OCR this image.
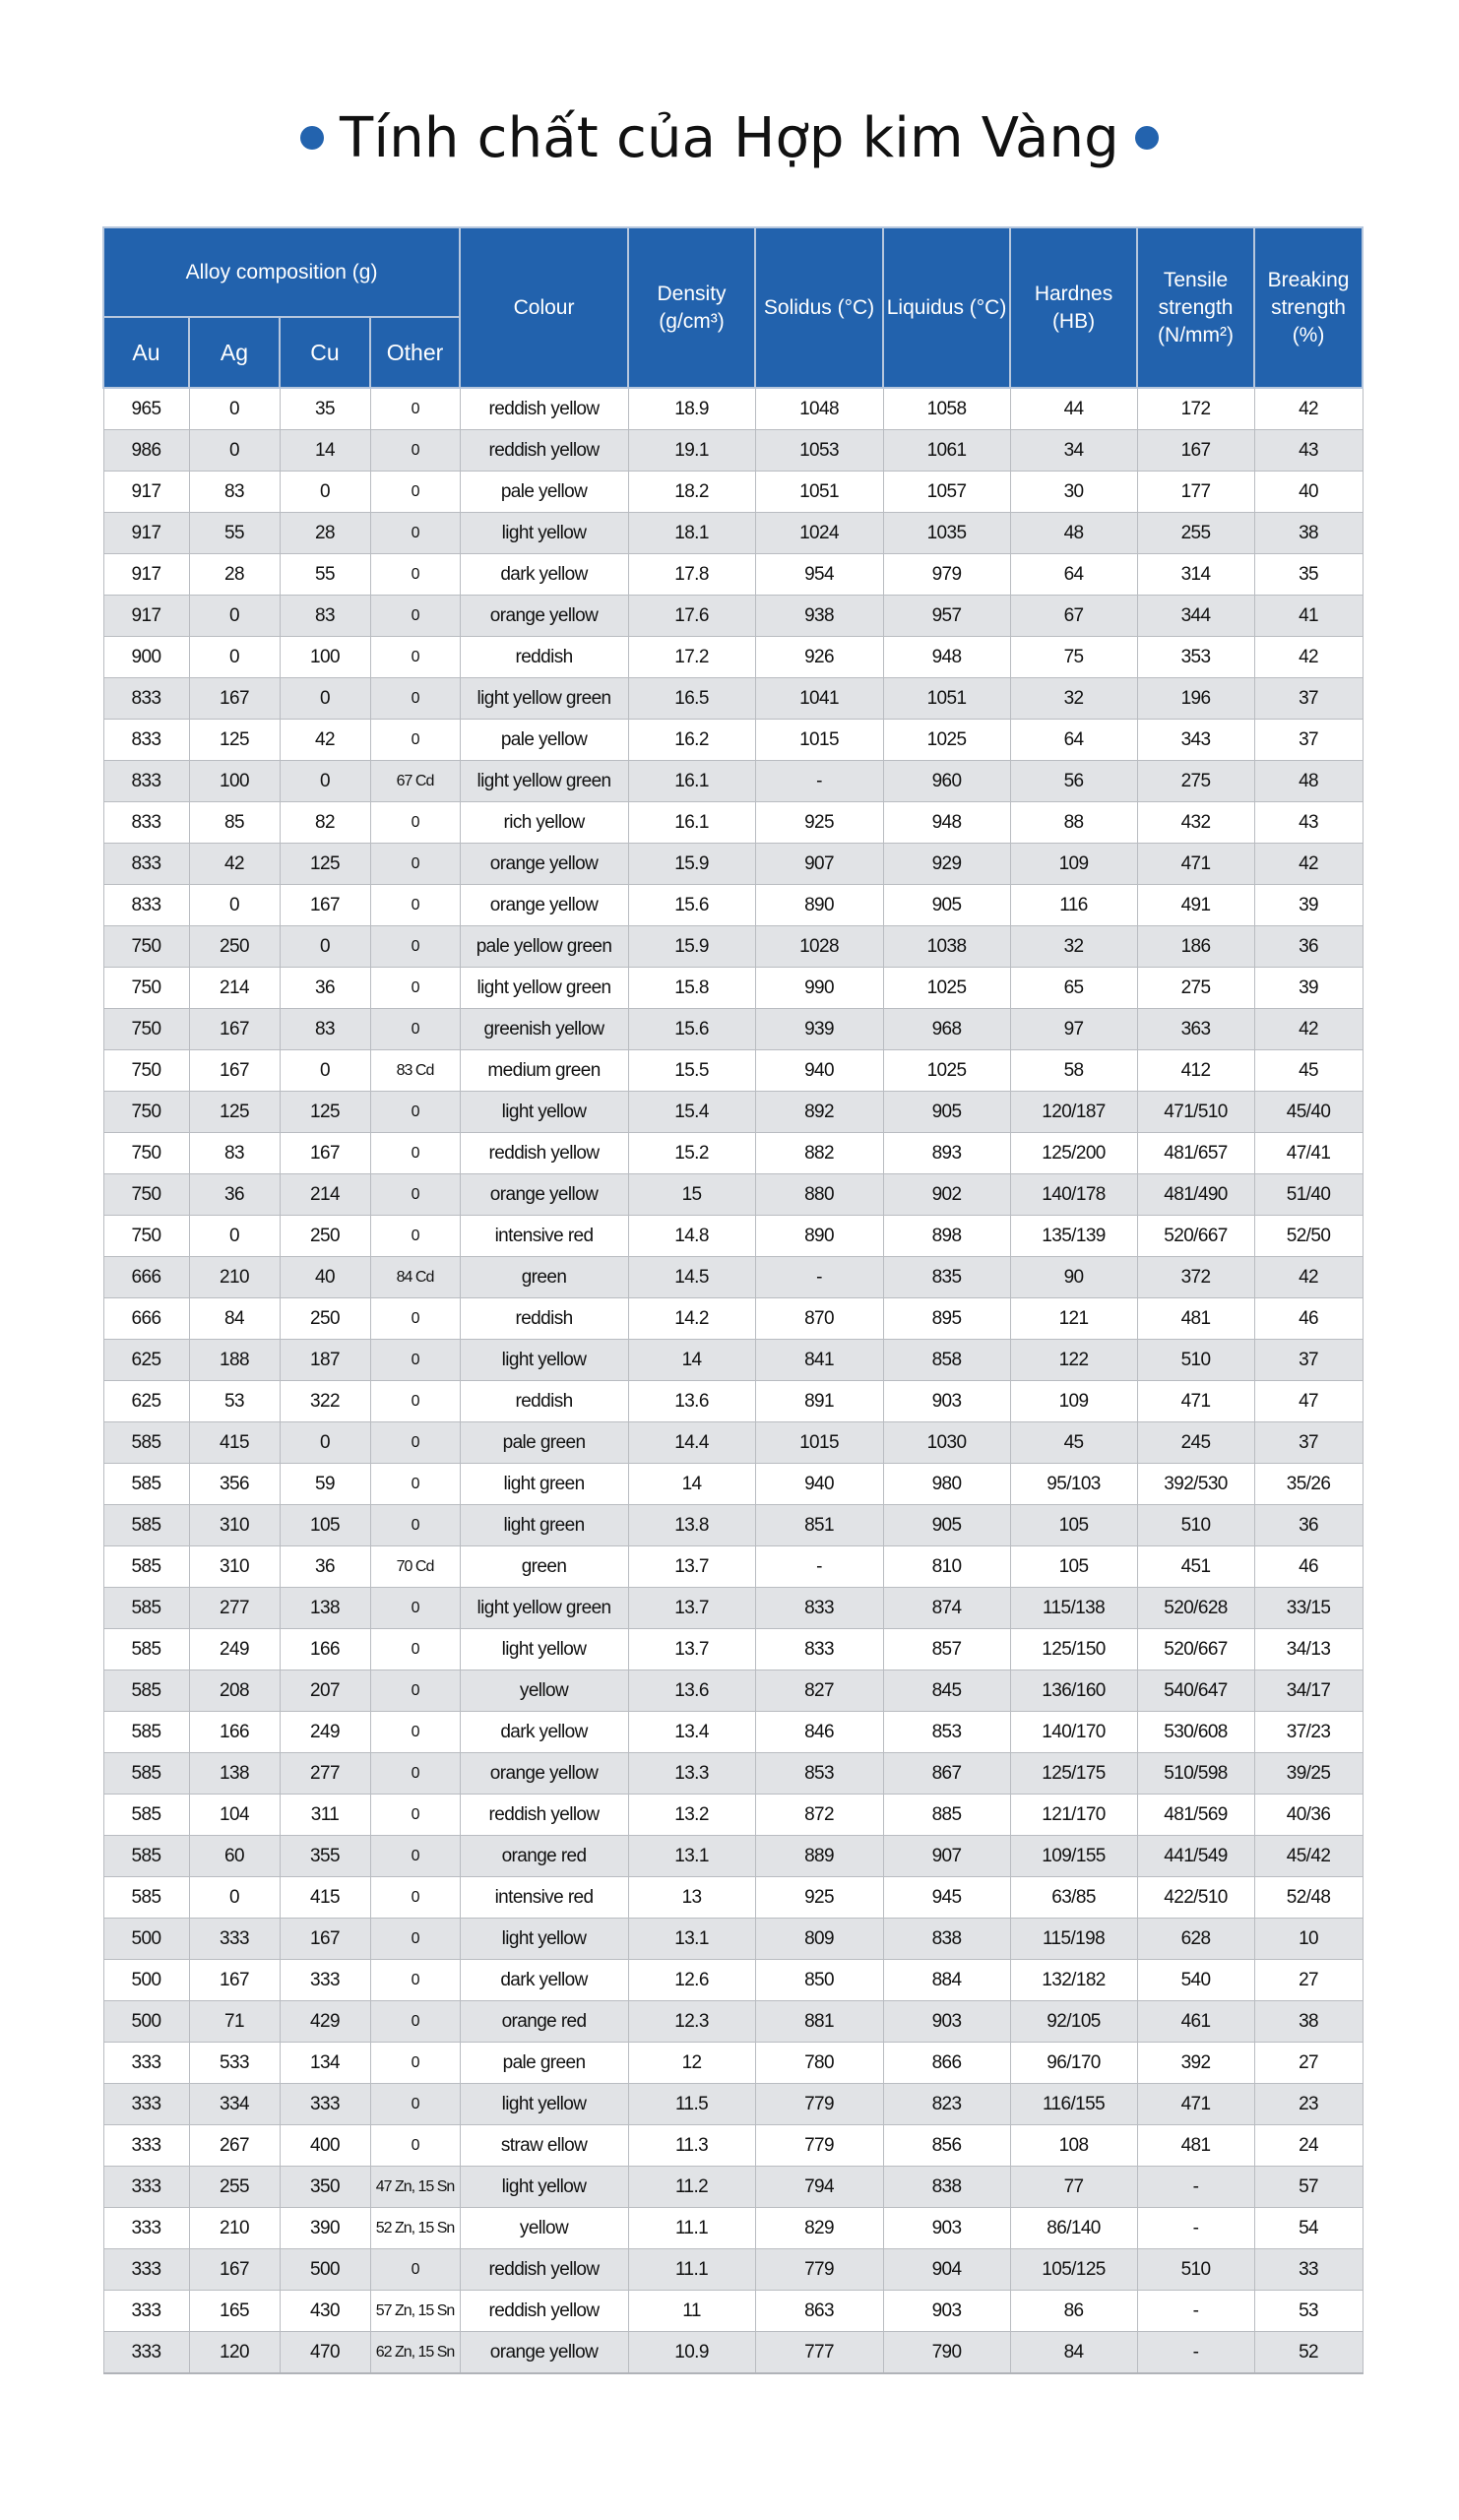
Tính chất của Hợp kim Vàng
Alloy composition (g)				Colour	Density (g/cm³)	Solidus (°C)	Liquidus (°C)	Hardnes (HB)	Tensile strength (N/mm²)	Breaking strength (%)
Au	Ag	Cu	Other							
965	0	35	0	reddish yellow	18.9	1048	1058	44	172	42
986	0	14	0	reddish yellow	19.1	1053	1061	34	167	43
917	83	0	0	pale yellow	18.2	1051	1057	30	177	40
917	55	28	0	light yellow	18.1	1024	1035	48	255	38
917	28	55	0	dark yellow	17.8	954	979	64	314	35
917	0	83	0	orange yellow	17.6	938	957	67	344	41
900	0	100	0	reddish	17.2	926	948	75	353	42
833	167	0	0	light yellow green	16.5	1041	1051	32	196	37
833	125	42	0	pale yellow	16.2	1015	1025	64	343	37
833	100	0	67 Cd	light yellow green	16.1	-	960	56	275	48
833	85	82	0	rich yellow	16.1	925	948	88	432	43
833	42	125	0	orange yellow	15.9	907	929	109	471	42
833	0	167	0	orange yellow	15.6	890	905	116	491	39
750	250	0	0	pale yellow green	15.9	1028	1038	32	186	36
750	214	36	0	light yellow green	15.8	990	1025	65	275	39
750	167	83	0	greenish yellow	15.6	939	968	97	363	42
750	167	0	83 Cd	medium green	15.5	940	1025	58	412	45
750	125	125	0	light yellow	15.4	892	905	120/187	471/510	45/40
750	83	167	0	reddish yellow	15.2	882	893	125/200	481/657	47/41
750	36	214	0	orange yellow	15	880	902	140/178	481/490	51/40
750	0	250	0	intensive red	14.8	890	898	135/139	520/667	52/50
666	210	40	84 Cd	green	14.5	-	835	90	372	42
666	84	250	0	reddish	14.2	870	895	121	481	46
625	188	187	0	light yellow	14	841	858	122	510	37
625	53	322	0	reddish	13.6	891	903	109	471	47
585	415	0	0	pale green	14.4	1015	1030	45	245	37
585	356	59	0	light green	14	940	980	95/103	392/530	35/26
585	310	105	0	light green	13.8	851	905	105	510	36
585	310	36	70 Cd	green	13.7	-	810	105	451	46
585	277	138	0	light yellow green	13.7	833	874	115/138	520/628	33/15
585	249	166	0	light yellow	13.7	833	857	125/150	520/667	34/13
585	208	207	0	yellow	13.6	827	845	136/160	540/647	34/17
585	166	249	0	dark yellow	13.4	846	853	140/170	530/608	37/23
585	138	277	0	orange yellow	13.3	853	867	125/175	510/598	39/25
585	104	311	0	reddish yellow	13.2	872	885	121/170	481/569	40/36
585	60	355	0	orange red	13.1	889	907	109/155	441/549	45/42
585	0	415	0	intensive red	13	925	945	63/85	422/510	52/48
500	333	167	0	light yellow	13.1	809	838	115/198	628	10
500	167	333	0	dark yellow	12.6	850	884	132/182	540	27
500	71	429	0	orange red	12.3	881	903	92/105	461	38
333	533	134	0	pale green	12	780	866	96/170	392	27
333	334	333	0	light yellow	11.5	779	823	116/155	471	23
333	267	400	0	straw ellow	11.3	779	856	108	481	24
333	255	350	47 Zn, 15 Sn	light yellow	11.2	794	838	77	-	57
333	210	390	52 Zn, 15 Sn	yellow	11.1	829	903	86/140	-	54
333	167	500	0	reddish yellow	11.1	779	904	105/125	510	33
333	165	430	57 Zn, 15 Sn	reddish yellow	11	863	903	86	-	53
333	120	470	62 Zn, 15 Sn	orange yellow	10.9	777	790	84	-	52
